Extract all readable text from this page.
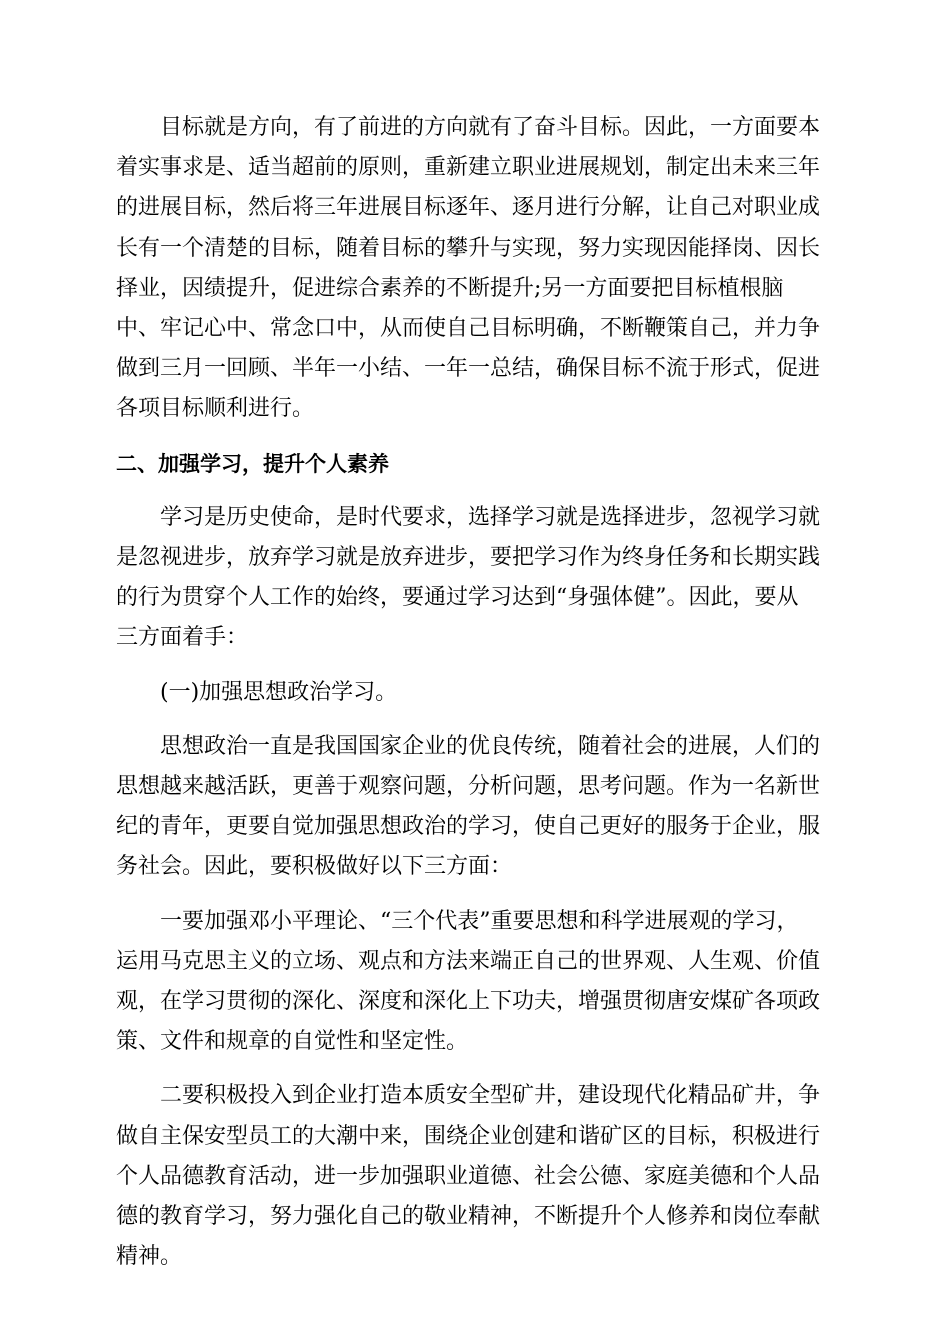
目标就是方向，有了前进的方向就有了奋斗目标。因此，一方面要本
着实事求是、适当超前的原则，重新建立职业进展规划，制定出未来三年
的进展目标，然后将三年进展目标逐年、逐月进行分解，让自己对职业成
长有一个清楚的目标，随着目标的攀升与实现，努力实现因能择岗、因长
择业，因绩提升，促进综合素养的不断提升;另一方面要把目标植根脑
中、牢记心中、常念口中，从而使自己目标明确，不断鞭策自己，并力争
做到三月一回顾、半年一小结、一年一总结，确保目标不流于形式，促进
各项目标顺利进行。
二、加强学习，提升个人素养
学习是历史使命，是时代要求，选择学习就是选择进步，忽视学习就
是忽视进步，放弃学习就是放弃进步，要把学习作为终身任务和长期实践
的行为贯穿个人工作的始终，要通过学习达到“身强体健”。因此，要从
三方面着手：
(一)加强思想政治学习。
思想政治一直是我国国家企业的优良传统，随着社会的进展，人们的
思想越来越活跃，更善于观察问题，分析问题，思考问题。作为一名新世
纪的青年，更要自觉加强思想政治的学习，使自己更好的服务于企业，服
务社会。因此，要积极做好以下三方面：
一要加强邓小平理论、“三个代表”重要思想和科学进展观的学习，
运用马克思主义的立场、观点和方法来端正自己的世界观、人生观、价值
观，在学习贯彻的深化、深度和深化上下功夫，增强贯彻唐安煤矿各项政
策、文件和规章的自觉性和坚定性。
二要积极投入到企业打造本质安全型矿井，建设现代化精品矿井，争
做自主保安型员工的大潮中来，围绕企业创建和谐矿区的目标，积极进行
个人品德教育活动，进一步加强职业道德、社会公德、家庭美德和个人品
德的教育学习，努力强化自己的敬业精神，不断提升个人修养和岗位奉献
精神。
